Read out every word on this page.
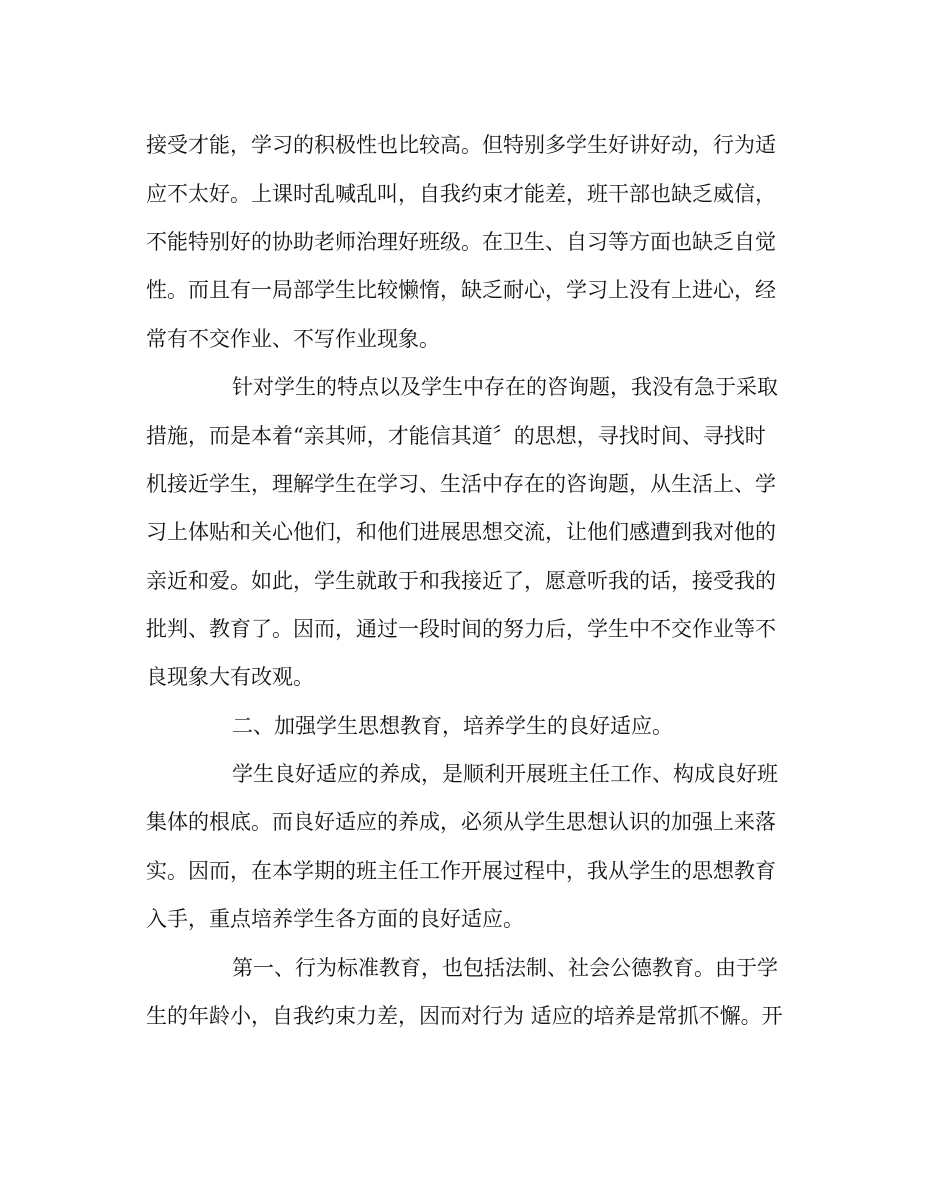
接受才能，学习的积极性也比较高。但特别多学生好讲好动，行为适
应不太好。上课时乱喊乱叫，自我约束才能差，班干部也缺乏威信，
不能特别好的协助老师治理好班级。在卫生、自习等方面也缺乏自觉
性。而且有一局部学生比较懒惰，缺乏耐心，学习上没有上进心，经
常有不交作业、不写作业现象。
针对学生的特点以及学生中存在的咨询题，我没有急于采取
措施，而是本着“亲其师，才能信其道〞的思想，寻找时间、寻找时
机接近学生，理解学生在学习、生活中存在的咨询题，从生活上、学
习上体贴和关心他们，和他们进展思想交流，让他们感遭到我对他的
亲近和爱。如此，学生就敢于和我接近了，愿意听我的话，接受我的
批判、教育了。因而，通过一段时间的努力后，学生中不交作业等不
良现象大有改观。
二、加强学生思想教育，培养学生的良好适应。
学生良好适应的养成，是顺利开展班主任工作、构成良好班
集体的根底。而良好适应的养成，必须从学生思想认识的加强上来落
实。因而，在本学期的班主任工作开展过程中，我从学生的思想教育
入手，重点培养学生各方面的良好适应。
第一、行为标准教育，也包括法制、社会公德教育。由于学
生的年龄小，自我约束力差，因而对行为 适应的培养是常抓不懈。开
